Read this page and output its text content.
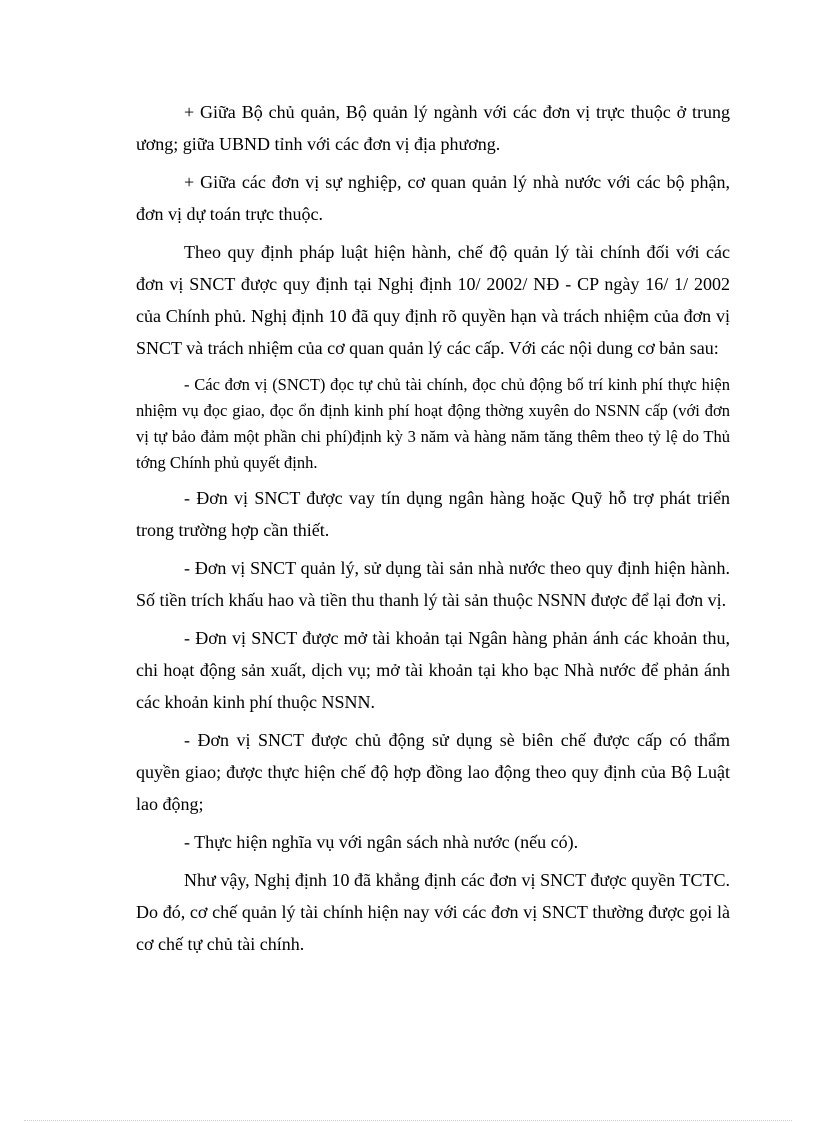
+ Giữa Bộ chủ quản, Bộ quản lý ngành với các đơn vị trực thuộc ở trung ương; giữa UBND tỉnh với các đơn vị địa phương.

+ Giữa các đơn vị sự nghiệp, cơ quan quản lý nhà nước với các bộ phận, đơn vị dự toán trực thuộc.

Theo quy định pháp luật hiện hành, chế độ quản lý tài chính đối với các đơn vị SNCT được quy định tại Nghị định 10/ 2002/ NĐ - CP ngày 16/ 1/ 2002 của Chính phủ. Nghị định 10 đã quy định rõ quyền hạn và trách nhiệm của đơn vị SNCT và trách nhiệm của cơ quan quản lý các cấp. Với các nội dung cơ bản sau:

- Các đơn vị (SNCT) đọc tự chủ tài chính, đọc chủ động bố trí kinh phí thực hiện nhiệm vụ đọc giao, đọc ổn định kinh phí hoạt động thờng xuyên do NSNN cấp (với đơn vị tự bảo đảm một phần chi phí)định kỳ 3 năm và hàng năm tăng thêm theo tỷ lệ do Thủ tớng Chính phủ quyết định.

- Đơn vị SNCT được vay tín dụng ngân hàng hoặc Quỹ hỗ trợ phát triển trong trường hợp cần thiết.

- Đơn vị SNCT quản lý, sử dụng tài sản nhà nước theo quy định hiện hành. Số tiền trích khấu hao và tiền thu thanh lý tài sản thuộc NSNN được để lại đơn vị.

- Đơn vị SNCT được mở tài khoản tại Ngân hàng phản ánh các khoản thu, chi hoạt động sản xuất, dịch vụ; mở tài khoản tại kho bạc Nhà nước để phản ánh các khoản kinh phí thuộc NSNN.

- Đơn vị SNCT được chủ động sử dụng sè biên chế được cấp có thẩm quyền giao; được thực hiện chế độ hợp đồng lao động theo quy định của Bộ Luật lao động;

- Thực hiện nghĩa vụ với ngân sách nhà nước (nếu có).

Như vậy, Nghị định 10 đã khẳng định các đơn vị SNCT được quyền TCTC. Do đó, cơ chế quản lý tài chính hiện nay với các đơn vị SNCT thường được gọi là cơ chế tự chủ tài chính.
